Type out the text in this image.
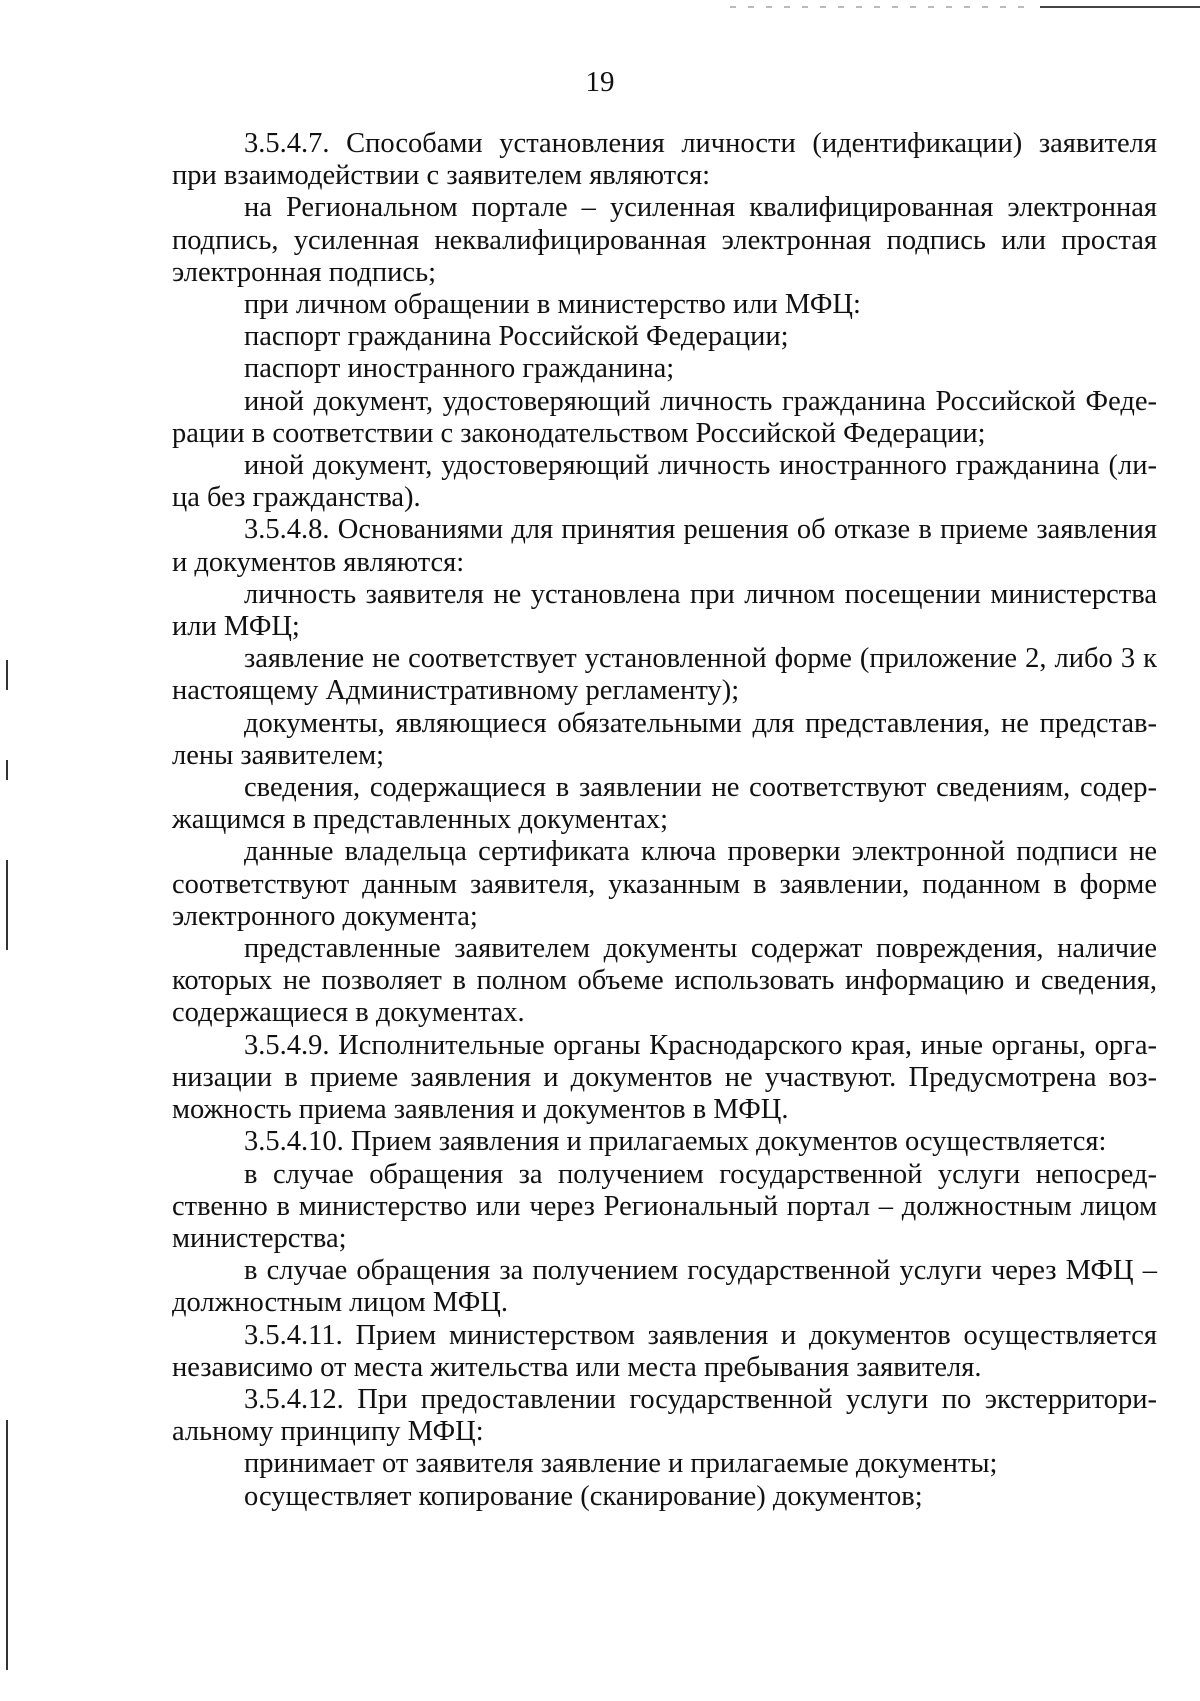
19

3.5.4.7. Способами установления личности (идентификации) заявителя при взаимодействии с заявителем являются:

на Региональном портале – усиленная квалифицированная электронная подпись, усиленная неквалифицированная электронная подпись или простая электронная подпись;

при личном обращении в министерство или МФЦ:

паспорт гражданина Российской Федерации;

паспорт иностранного гражданина;

иной документ, удостоверяющий личность гражданина Российской Федерации в соответствии с законодательством Российской Федерации;

иной документ, удостоверяющий личность иностранного гражданина (лица без гражданства).

3.5.4.8. Основаниями для принятия решения об отказе в приеме заявления и документов являются:

личность заявителя не установлена при личном посещении министерства или МФЦ;

заявление не соответствует установленной форме (приложение 2, либо 3 к настоящему Административному регламенту);

документы, являющиеся обязательными для представления, не представлены заявителем;

сведения, содержащиеся в заявлении не соответствуют сведениям, содержащимся в представленных документах;

данные владельца сертификата ключа проверки электронной подписи не соответствуют данным заявителя, указанным в заявлении, поданном в форме электронного документа;

представленные заявителем документы содержат повреждения, наличие которых не позволяет в полном объеме использовать информацию и сведения, содержащиеся в документах.

3.5.4.9. Исполнительные органы Краснодарского края, иные органы, организации в приеме заявления и документов не участвуют. Предусмотрена возможность приема заявления и документов в МФЦ.

3.5.4.10. Прием заявления и прилагаемых документов осуществляется:

в случае обращения за получением государственной услуги непосредственно в министерство или через Региональный портал – должностным лицом министерства;

в случае обращения за получением государственной услуги через МФЦ – должностным лицом МФЦ.

3.5.4.11. Прием министерством заявления и документов осуществляется независимо от места жительства или места пребывания заявителя.

3.5.4.12. При предоставлении государственной услуги по экстерриториальному принципу МФЦ:

принимает от заявителя заявление и прилагаемые документы;

осуществляет копирование (сканирование) документов;
